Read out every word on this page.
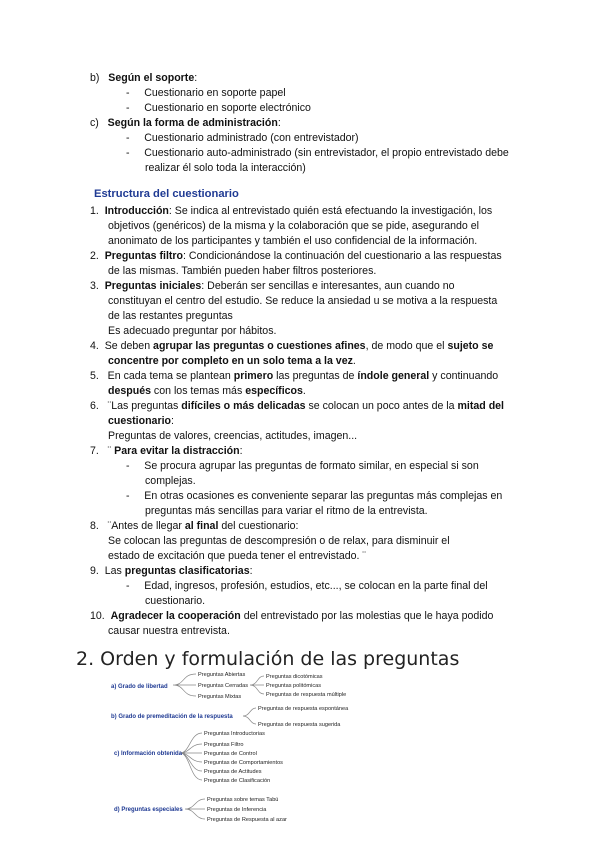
b) Según el soporte:
-     Cuestionario en soporte papel
-     Cuestionario en soporte electrónico
c) Según la forma de administración:
-     Cuestionario administrado (con entrevistador)
-     Cuestionario auto-administrado (sin entrevistador, el propio entrevistado debe
realizar él solo toda la interacción)
Estructura del cuestionario
1. Introducción: Se indica al entrevistado quién está efectuando la investigación, los
objetivos (genéricos) de la misma y la colaboración que se pide, asegurando el
anonimato de los participantes y también el uso confidencial de la información.
2. Preguntas filtro: Condicionándose la continuación del cuestionario a las respuestas
de las mismas. También pueden haber filtros posteriores.
3. Preguntas iniciales: Deberán ser sencillas e interesantes, aun cuando no
constituyan el centro del estudio. Se reduce la ansiedad u se motiva a la respuesta
de las restantes preguntas
Es adecuado preguntar por hábitos.
4. Se deben agrupar las preguntas o cuestiones afines, de modo que el sujeto se
concentre por completo en un solo tema a la vez.
5.   En cada tema se plantean primero las preguntas de índole general y continuando
después con los temas más específicos.
6.   ¨Las preguntas difíciles o más delicadas se colocan un poco antes de la mitad del
cuestionario:
Preguntas de valores, creencias, actitudes, imagen...
7.   ¨ Para evitar la distracción:
-     Se procura agrupar las preguntas de formato similar, en especial si son
complejas.
-     En otras ocasiones es conveniente separar las preguntas más complejas en
preguntas más sencillas para variar el ritmo de la entrevista.
8.   ¨Antes de llegar al final del cuestionario:
Se colocan las preguntas de descompresión o de relax, para disminuir el
estado de excitación que pueda tener el entrevistado. ¨
9. Las preguntas clasificatorias:
-     Edad, ingresos, profesión, estudios, etc..., se colocan en la parte final del
cuestionario.
10. Agradecer la cooperación del entrevistado por las molestias que le haya podido
causar nuestra entrevista.
2. Orden y formulación de las preguntas
a) Grado de libertad
b) Grado de premeditación de la respuesta
c) Información obtenida
d) Preguntas especiales
Preguntas Abiertas
Preguntas Cerradas
Preguntas Mixtas
Preguntas dicotómicas
Preguntas politómicas
Preguntas de respuesta múltiple
Preguntas de respuesta espontánea
Preguntas de respuesta sugerida
Preguntas Introductorias
Preguntas Filtro
Preguntas de Control
Preguntas de Comportamientos
Preguntas de Actitudes
Preguntas de Clasificación
Preguntas sobre temas Tabú
Preguntas de Inferencia
Preguntas de Respuesta al azar
